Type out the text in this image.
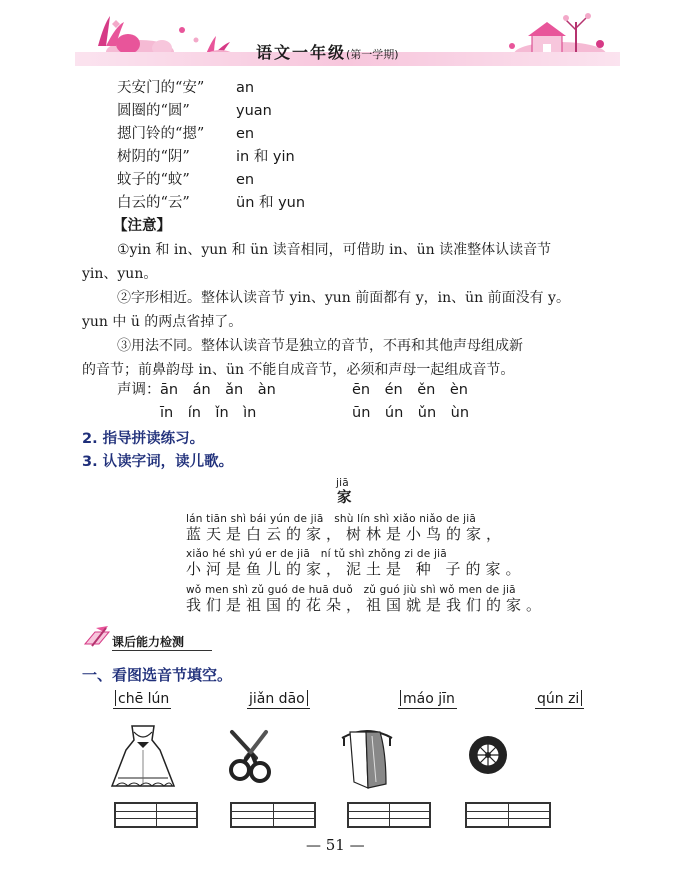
语文一年级(第一学期)
天安门的“安” an
圆圈的“圆”	yuan
摁门铃的“摁” en
树阴的“阴”	in 和 yin
蚊子的“蚊”	en
白云的“云”	ün 和 yun
【注意】
①yin 和 in、yun 和 ün 读音相同，可借助 in、ün 读准整体认读音节
yin、yun。
②字形相近。整体认读音节 yin、yun 前面都有 y，in、ün 前面没有 y。
yun 中 ü 的两点省掉了。
③用法不同。整体认读音节是独立的音节，不再和其他声母组成新
的音节；前鼻韵母 in、ün 不能自成音节，必须和声母一起组成音节。
声调： ān　án　ǎn　àn	ēn　én　ěn　èn
īn　ín　ǐn　ìn	ūn　ún　ǔn　ùn
2. 指导拼读练习。
3. 认读字词，读儿歌。
jiā
家
lán tiān shì bái yún de jiā　shù lín shì xiǎo niǎo de jiā
蓝天是白云的家，树林是小鸟的家，
xiǎo hé shì yú er de jiā　ní tǔ shì zhǒng zi de jiā
小河是鱼儿的家，泥土是 种 子的家。
wǒ men shì zǔ guó de huā duǒ　zǔ guó jiù shì wǒ men de jiā
我们是祖国的花朵，祖国就是我们的家。
课后能力检测
一、看图选音节填空。
chē lún	jiǎn dāo	máo jīn	qún zi

— 51 —
